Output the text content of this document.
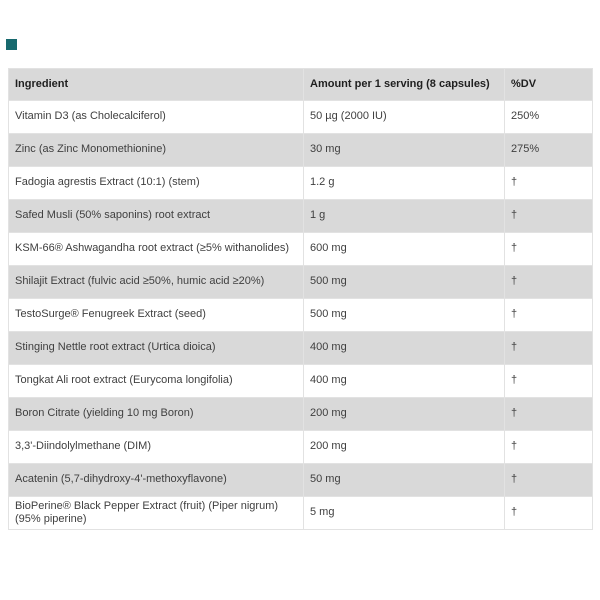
Ingredient	Amount per 1 serving (8 capsules)	%DV
Vitamin D3 (as Cholecalciferol)	50 µg (2000 IU)	250%
Zinc (as Zinc Monomethionine)	30 mg	275%
Fadogia agrestis Extract (10:1) (stem)	1.2 g	†
Safed Musli (50% saponins) root extract	1 g	†
KSM-66® Ashwagandha root extract (≥5% withanolides)	600 mg	†
Shilajit Extract (fulvic acid ≥50%, humic acid ≥20%)	500 mg	†
TestoSurge® Fenugreek Extract (seed)	500 mg	†
Stinging Nettle root extract (Urtica dioica)	400 mg	†
Tongkat Ali root extract (Eurycoma longifolia)	400 mg	†
Boron Citrate (yielding 10 mg Boron)	200 mg	†
3,3'-Diindolylmethane (DIM)	200 mg	†
Acatenin (5,7-dihydroxy-4'-methoxyflavone)	50 mg	†
BioPerine® Black Pepper Extract (fruit) (Piper nigrum) (95% piperine)	5 mg	†
